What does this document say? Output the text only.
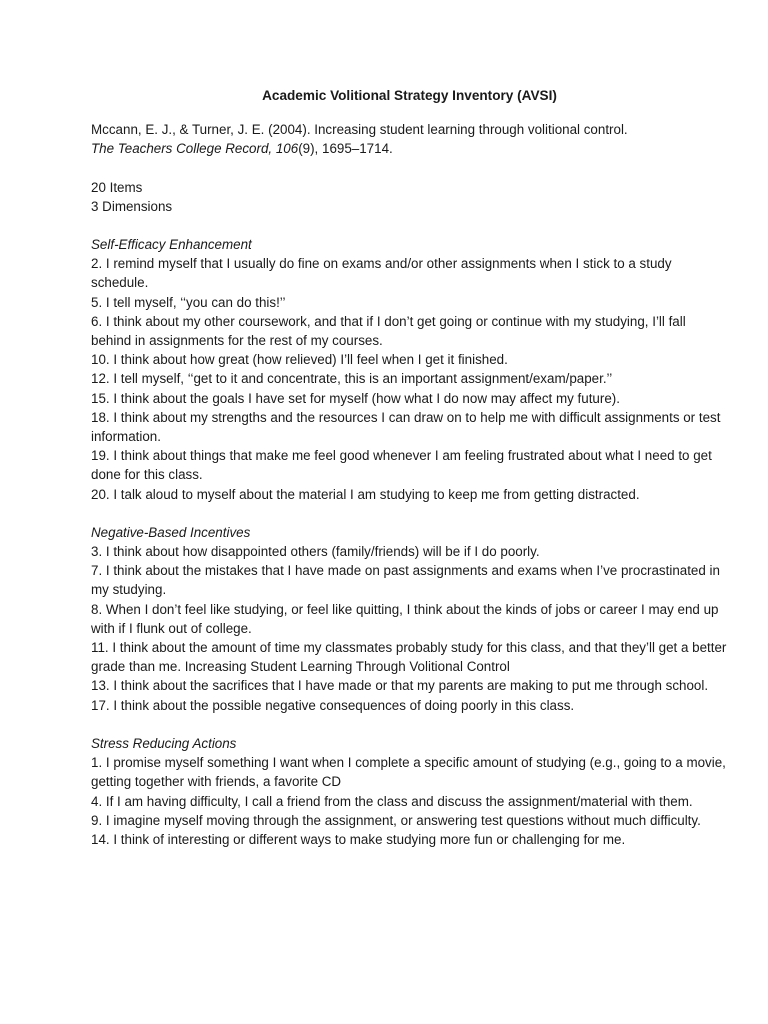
Academic Volitional Strategy Inventory (AVSI)
Mccann, E. J., & Turner, J. E. (2004). Increasing student learning through volitional control.
The Teachers College Record, 106(9), 1695–1714.
20 Items
3 Dimensions
Self-Efficacy Enhancement
2. I remind myself that I usually do fine on exams and/or other assignments when I stick to a study schedule.
5. I tell myself, ‘‘you can do this!’’
6. I think about my other coursework, and that if I don’t get going or continue with my studying, I’ll fall behind in assignments for the rest of my courses.
10. I think about how great (how relieved) I’ll feel when I get it finished.
12. I tell myself, ‘‘get to it and concentrate, this is an important assignment/exam/paper.’’
15. I think about the goals I have set for myself (how what I do now may affect my future).
18. I think about my strengths and the resources I can draw on to help me with difficult assignments or test information.
19. I think about things that make me feel good whenever I am feeling frustrated about what I need to get done for this class.
20. I talk aloud to myself about the material I am studying to keep me from getting distracted.
Negative-Based Incentives
3. I think about how disappointed others (family/friends) will be if I do poorly.
7. I think about the mistakes that I have made on past assignments and exams when I’ve procrastinated in my studying.
8. When I don’t feel like studying, or feel like quitting, I think about the kinds of jobs or career I may end up with if I flunk out of college.
11. I think about the amount of time my classmates probably study for this class, and that they’ll get a better grade than me. Increasing Student Learning Through Volitional Control
13. I think about the sacrifices that I have made or that my parents are making to put me through school.
17. I think about the possible negative consequences of doing poorly in this class.
Stress Reducing Actions
1. I promise myself something I want when I complete a specific amount of studying (e.g., going to a movie, getting together with friends, a favorite CD
4. If I am having difficulty, I call a friend from the class and discuss the assignment/material with them.
9. I imagine myself moving through the assignment, or answering test questions without much difficulty.
14. I think of interesting or different ways to make studying more fun or challenging for me.
